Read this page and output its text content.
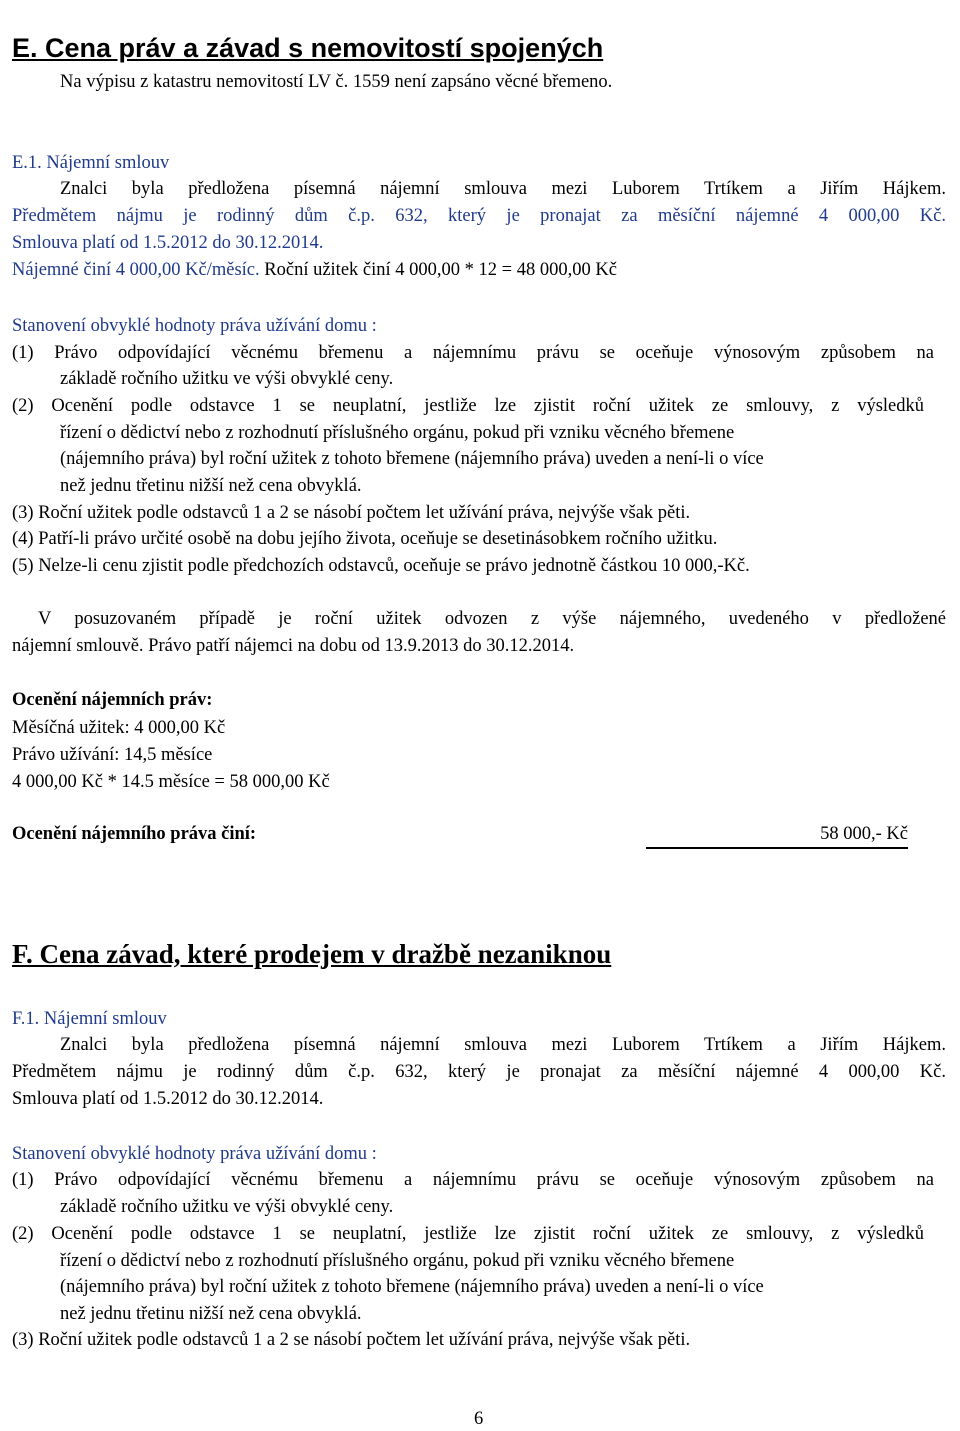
E. Cena práv a závad s nemovitostí spojených
Na výpisu z katastru nemovitostí LV č. 1559 není zapsáno věcné břemeno.
E.1. Nájemní smlouv
Znalci byla předložena písemná nájemní smlouva mezi Luborem Trtíkem a Jiřím Hájkem.
Předmětem nájmu je rodinný dům č.p. 632, který je pronajat za měsíční nájemné 4 000,00 Kč.
Smlouva platí od 1.5.2012 do 30.12.2014.
Nájemné činí 4 000,00 Kč/měsíc. Roční užitek činí 4 000,00 * 12 = 48 000,00 Kč
Stanovení obvyklé hodnoty práva užívání domu :
(1) Právo odpovídající věcnému břemenu a nájemnímu právu se oceňuje výnosovým způsobem na
základě ročního užitku ve výši obvyklé ceny.
(2) Ocenění podle odstavce 1 se neuplatní, jestliže lze zjistit roční užitek ze smlouvy, z výsledků
řízení o dědictví nebo z rozhodnutí příslušného orgánu, pokud při vzniku věcného břemene
(nájemního práva) byl roční užitek z tohoto břemene (nájemního práva) uveden a není-li o více
než jednu třetinu nižší než cena obvyklá.
(3) Roční užitek podle odstavců 1 a 2 se násobí počtem let užívání práva, nejvýše však pěti.
(4) Patří-li právo určité osobě na dobu jejího života, oceňuje se desetinásobkem ročního užitku.
(5) Nelze-li cenu zjistit podle předchozích odstavců, oceňuje se právo jednotně částkou 10 000,-Kč.
V posuzovaném případě je roční užitek odvozen z výše nájemného, uvedeného v předložené
nájemní smlouvě. Právo patří nájemci na dobu od 13.9.2013 do 30.12.2014.
Ocenění nájemních práv:
Měsíčná užitek: 4 000,00 Kč
Právo užívání: 14,5 měsíce
4 000,00 Kč * 14.5 měsíce = 58 000,00 Kč
Ocenění nájemního práva činí:	58 000,- Kč
F. Cena závad, které prodejem v dražbě nezaniknou
F.1. Nájemní smlouv
Znalci byla předložena písemná nájemní smlouva mezi Luborem Trtíkem a Jiřím Hájkem.
Předmětem nájmu je rodinný dům č.p. 632, který je pronajat za měsíční nájemné 4 000,00 Kč.
Smlouva platí od 1.5.2012 do 30.12.2014.
Stanovení obvyklé hodnoty práva užívání domu :
(1) Právo odpovídající věcnému břemenu a nájemnímu právu se oceňuje výnosovým způsobem na
základě ročního užitku ve výši obvyklé ceny.
(2) Ocenění podle odstavce 1 se neuplatní, jestliže lze zjistit roční užitek ze smlouvy, z výsledků
řízení o dědictví nebo z rozhodnutí příslušného orgánu, pokud při vzniku věcného břemene
(nájemního práva) byl roční užitek z tohoto břemene (nájemního práva) uveden a není-li o více
než jednu třetinu nižší než cena obvyklá.
(3) Roční užitek podle odstavců 1 a 2 se násobí počtem let užívání práva, nejvýše však pěti.
6
